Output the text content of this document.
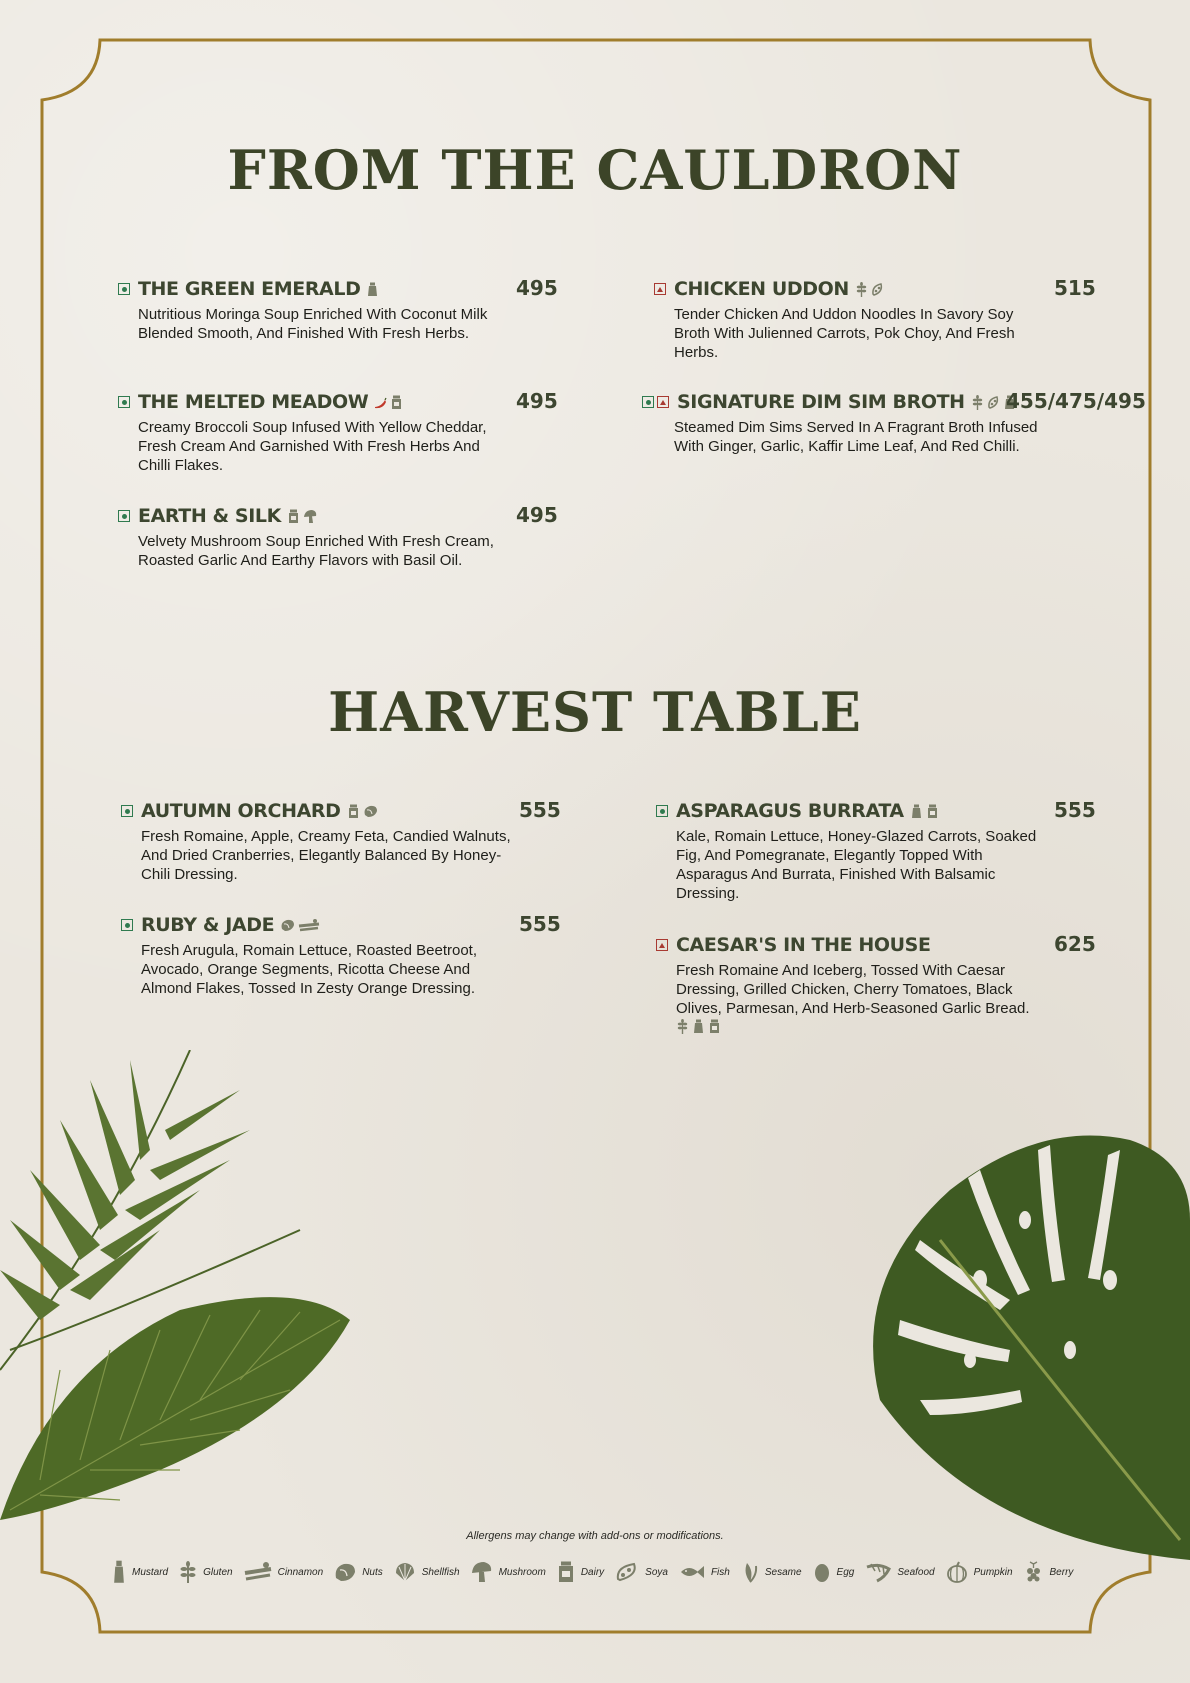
FROM THE CAULDRON
THE GREEN EMERALD	495
Nutritious Moringa Soup Enriched With Coconut Milk Blended Smooth, And Finished With Fresh Herbs.
CHICKEN UDDON	515
Tender Chicken And Uddon Noodles In Savory Soy Broth With Julienned Carrots, Pok Choy, And Fresh Herbs.
THE MELTED MEADOW	495
Creamy Broccoli Soup Infused With Yellow Cheddar, Fresh Cream And Garnished With Fresh Herbs And Chilli Flakes.
SIGNATURE DIM SIM BROTH 455/475/495
Steamed Dim Sims Served In A Fragrant Broth Infused With Ginger, Garlic, Kaffir Lime Leaf, And Red Chilli.
EARTH & SILK	495
Velvety Mushroom Soup Enriched With Fresh Cream, Roasted Garlic And Earthy Flavors with Basil Oil.
HARVEST TABLE
AUTUMN ORCHARD	555
Fresh Romaine, Apple, Creamy Feta, Candied Walnuts, And Dried Cranberries, Elegantly Balanced By Honey-Chili Dressing.
ASPARAGUS BURRATA	555
Kale, Romain Lettuce, Honey-Glazed Carrots, Soaked Fig, And Pomegranate, Elegantly Topped With Asparagus And Burrata, Finished With Balsamic Dressing.
RUBY & JADE	555
Fresh Arugula, Romain Lettuce, Roasted Beetroot, Avocado, Orange Segments, Ricotta Cheese And Almond Flakes, Tossed In Zesty Orange Dressing.
CAESAR'S IN THE HOUSE	625
Fresh Romaine And Iceberg, Tossed With Caesar Dressing, Grilled Chicken, Cherry Tomatoes, Black Olives, Parmesan, And Herb-Seasoned Garlic Bread.
Allergens may change with add-ons or modifications.
Mustard	Gluten	Cinnamon	Nuts	Shellfish	Mushroom	Dairy	Soya	Fish	Sesame	Egg	Seafood	Pumpkin	Berry
